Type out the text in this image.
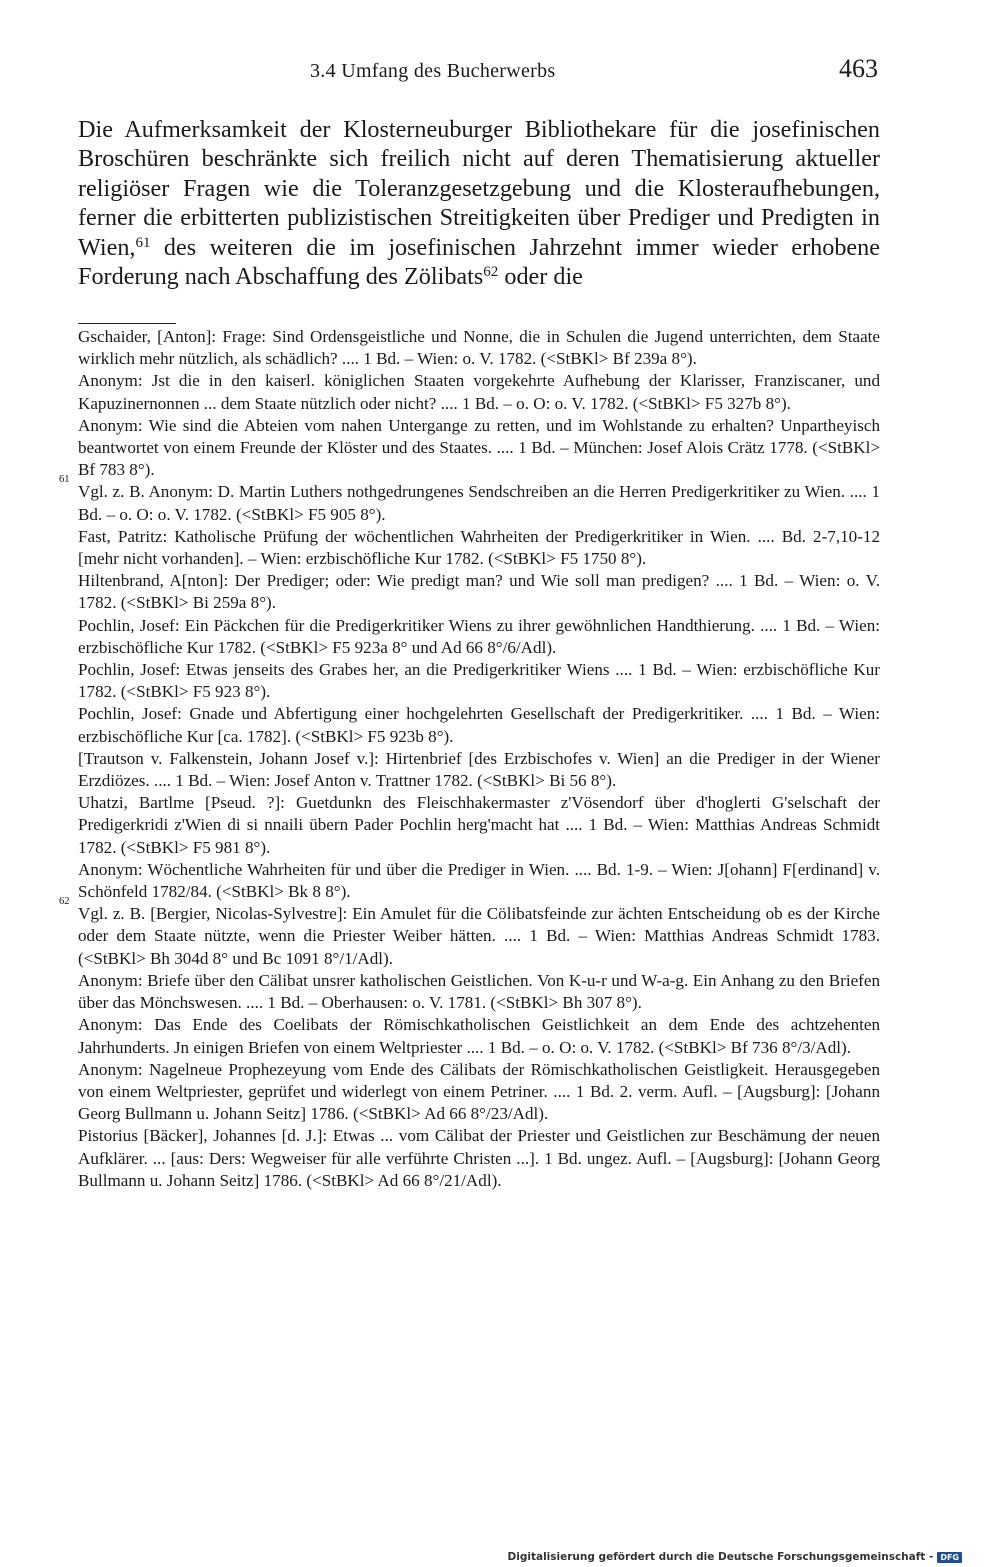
3.4 Umfang des Bucherwerbs	463

Die Aufmerksamkeit der Klosterneuburger Bibliothekare für die josefinischen Broschüren beschränkte sich freilich nicht auf deren Thematisierung aktueller religiöser Fragen wie die Toleranzgesetzgebung und die Klosteraufhebungen, ferner die erbitterten publizistischen Streitigkeiten über Prediger und Predigten in Wien,$^{61}$ des weiteren die im josefinischen Jahrzehnt immer wieder erhobene Forderung nach Abschaffung des Zölibats$^{62}$ oder die

Gschaider, [Anton]: Frage: Sind Ordensgeistliche und Nonne, die in Schulen die Jugend unterrichten, dem Staate wirklich mehr nützlich, als schädlich? .... 1 Bd. – Wien: o. V. 1782. (<StBKl> Bf 239a 8°).

Anonym: Jst die in den kaiserl. königlichen Staaten vorgekehrte Aufhebung der Klarisser, Franziscaner, und Kapuzinernonnen ... dem Staate nützlich oder nicht? .... 1 Bd. – o. O: o. V. 1782. (<StBKl> F5 327b 8°).

Anonym: Wie sind die Abteien vom nahen Untergange zu retten, und im Wohlstande zu erhalten? Unpartheyisch beantwortet von einem Freunde der Klöster und des Staates. .... 1 Bd. – München: Josef Alois Crätz 1778. (<StBKl> Bf 783 8°).

61

Vgl. z. B. Anonym: D. Martin Luthers nothgedrungenes Sendschreiben an die Herren Predigerkritiker zu Wien. .... 1 Bd. – o. O: o. V. 1782. (<StBKl> F5 905 8°).

Fast, Patritz: Katholische Prüfung der wöchentlichen Wahrheiten der Predigerkritiker in Wien. .... Bd. 2-7,10-12 [mehr nicht vorhanden]. – Wien: erzbischöfliche Kur 1782. (<StBKl> F5 1750 8°).

Hiltenbrand, A[nton]: Der Prediger; oder: Wie predigt man? und Wie soll man predigen? .... 1 Bd. – Wien: o. V. 1782. (<StBKl> Bi 259a 8°).

Pochlin, Josef: Ein Päckchen für die Predigerkritiker Wiens zu ihrer gewöhnlichen Handthierung. .... 1 Bd. – Wien: erzbischöfliche Kur 1782. (<StBKl> F5 923a 8° und Ad 66 8°/6/Adl).

Pochlin, Josef: Etwas jenseits des Grabes her, an die Predigerkritiker Wiens .... 1 Bd. – Wien: erzbischöfliche Kur 1782. (<StBKl> F5 923 8°).

Pochlin, Josef: Gnade und Abfertigung einer hochgelehrten Gesellschaft der Predigerkritiker. .... 1 Bd. – Wien: erzbischöfliche Kur [ca. 1782]. (<StBKl> F5 923b 8°).

[Trautson v. Falkenstein, Johann Josef v.]: Hirtenbrief [des Erzbischofes v. Wien] an die Prediger in der Wiener Erzdiözes. .... 1 Bd. – Wien: Josef Anton v. Trattner 1782. (<StBKl> Bi 56 8°).

Uhatzi, Bartlme [Pseud. ?]: Guetdunkn des Fleischhakermaster z'Vösendorf über d'hoglerti G'selschaft der Predigerkridi z'Wien di si nnaili übern Pader Pochlin herg'macht hat .... 1 Bd. – Wien: Matthias Andreas Schmidt 1782. (<StBKl> F5 981 8°).

Anonym: Wöchentliche Wahrheiten für und über die Prediger in Wien. .... Bd. 1-9. – Wien: J[ohann] F[erdinand] v. Schönfeld 1782/84. (<StBKl> Bk 8 8°).

62

Vgl. z. B. [Bergier, Nicolas-Sylvestre]: Ein Amulet für die Cölibatsfeinde zur ächten Entscheidung ob es der Kirche oder dem Staate nützte, wenn die Priester Weiber hätten. .... 1 Bd. – Wien: Matthias Andreas Schmidt 1783. (<StBKl> Bh 304d 8° und Bc 1091 8°/1/Adl).

Anonym: Briefe über den Cälibat unsrer katholischen Geistlichen. Von K-u-r und W-a-g. Ein Anhang zu den Briefen über das Mönchswesen. .... 1 Bd. – Oberhausen: o. V. 1781. (<StBKl> Bh 307 8°).

Anonym: Das Ende des Coelibats der Römischkatholischen Geistlichkeit an dem Ende des achtzehenten Jahrhunderts. Jn einigen Briefen von einem Weltpriester .... 1 Bd. – o. O: o. V. 1782. (<StBKl> Bf 736 8°/3/Adl).

Anonym: Nagelneue Prophezeyung vom Ende des Cälibats der Römischkatholischen Geistligkeit. Herausgegeben von einem Weltpriester, geprüfet und widerlegt von einem Petriner. .... 1 Bd. 2. verm. Aufl. – [Augsburg]: [Johann Georg Bullmann u. Johann Seitz] 1786. (<StBKl> Ad 66 8°/23/Adl).

Pistorius [Bäcker], Johannes [d. J.]: Etwas ... vom Cälibat der Priester und Geistlichen zur Beschämung der neuen Aufklärer. ... [aus: Ders: Wegweiser für alle verführte Christen ...]. 1 Bd. ungez. Aufl. – [Augsburg]: [Johann Georg Bullmann u. Johann Seitz] 1786. (<StBKl> Ad 66 8°/21/Adl).

Digitalisierung gefördert durch die Deutsche Forschungsgemeinschaft - DFG
